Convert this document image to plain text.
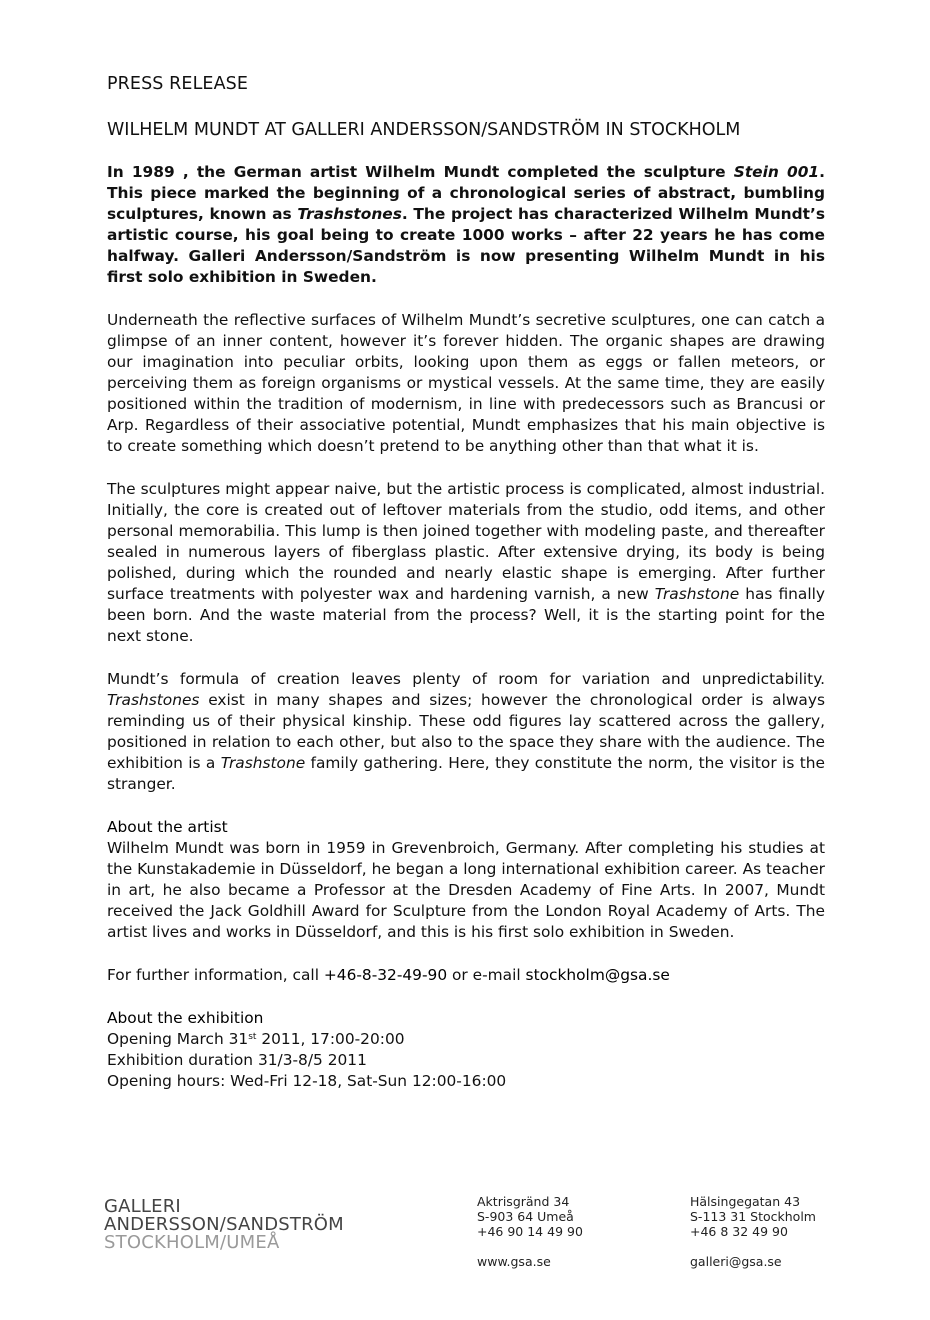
PRESS RELEASE
WILHELM MUNDT AT GALLERI ANDERSSON/SANDSTRÖM IN STOCKHOLM

In 1989 , the German artist Wilhelm Mundt completed the sculpture Stein 001. This piece marked the beginning of a chronological series of abstract, bumbling sculptures, known as Trashstones. The project has characterized Wilhelm Mundt’s artistic course, his goal being to create 1000 works – after 22 years he has come halfway. Galleri Andersson/Sandström is now presenting Wilhelm Mundt in his first solo exhibition in Sweden.

Underneath the reflective surfaces of Wilhelm Mundt’s secretive sculptures, one can catch a glimpse of an inner content, however it’s forever hidden. The organic shapes are drawing our imagination into peculiar orbits, looking upon them as eggs or fallen meteors, or perceiving them as foreign organisms or mystical vessels. At the same time, they are easily positioned within the tradition of modernism, in line with predecessors such as Brancusi or Arp. Regardless of their associative potential, Mundt emphasizes that his main objective is to create something which doesn’t pretend to be anything other than that what it is.

The sculptures might appear naive, but the artistic process is complicated, almost industrial. Initially, the core is created out of leftover materials from the studio, odd items, and other personal memorabilia. This lump is then joined together with modeling paste, and thereafter sealed in numerous layers of fiberglass plastic. After extensive drying, its body is being polished, during which the rounded and nearly elastic shape is emerging. After further surface treatments with polyester wax and hardening varnish, a new Trashstone has finally been born. And the waste material from the process? Well, it is the starting point for the next stone.

Mundt’s formula of creation leaves plenty of room for variation and unpredictability. Trashstones exist in many shapes and sizes; however the chronological order is always reminding us of their physical kinship. These odd figures lay scattered across the gallery, positioned in relation to each other, but also to the space they share with the audience. The exhibition is a Trashstone family gathering. Here, they constitute the norm, the visitor is the stranger.

About the artist

Wilhelm Mundt was born in 1959 in Grevenbroich, Germany. After completing his studies at the Kunstakademie in Düsseldorf, he began a long international exhibition career. As teacher in art, he also became a Professor at the Dresden Academy of Fine Arts. In 2007, Mundt received the Jack Goldhill Award for Sculpture from the London Royal Academy of Arts. The artist lives and works in Düsseldorf, and this is his first solo exhibition in Sweden.

For further information, call +46-8-32-49-90 or e-mail stockholm@gsa.se

About the exhibition

Opening March 31st 2011, 17:00-20:00

Exhibition duration 31/3-8/5 2011

Opening hours: Wed-Fri 12-18, Sat-Sun 12:00-16:00

GALLERI
ANDERSSON/SANDSTRÖM
STOCKHOLM/UMEÅ
Aktrisgränd 34
S-903 64 Umeå
+46 90 14 49 90
www.gsa.se
Hälsingegatan 43
S-113 31 Stockholm
+46 8 32 49 90
galleri@gsa.se
